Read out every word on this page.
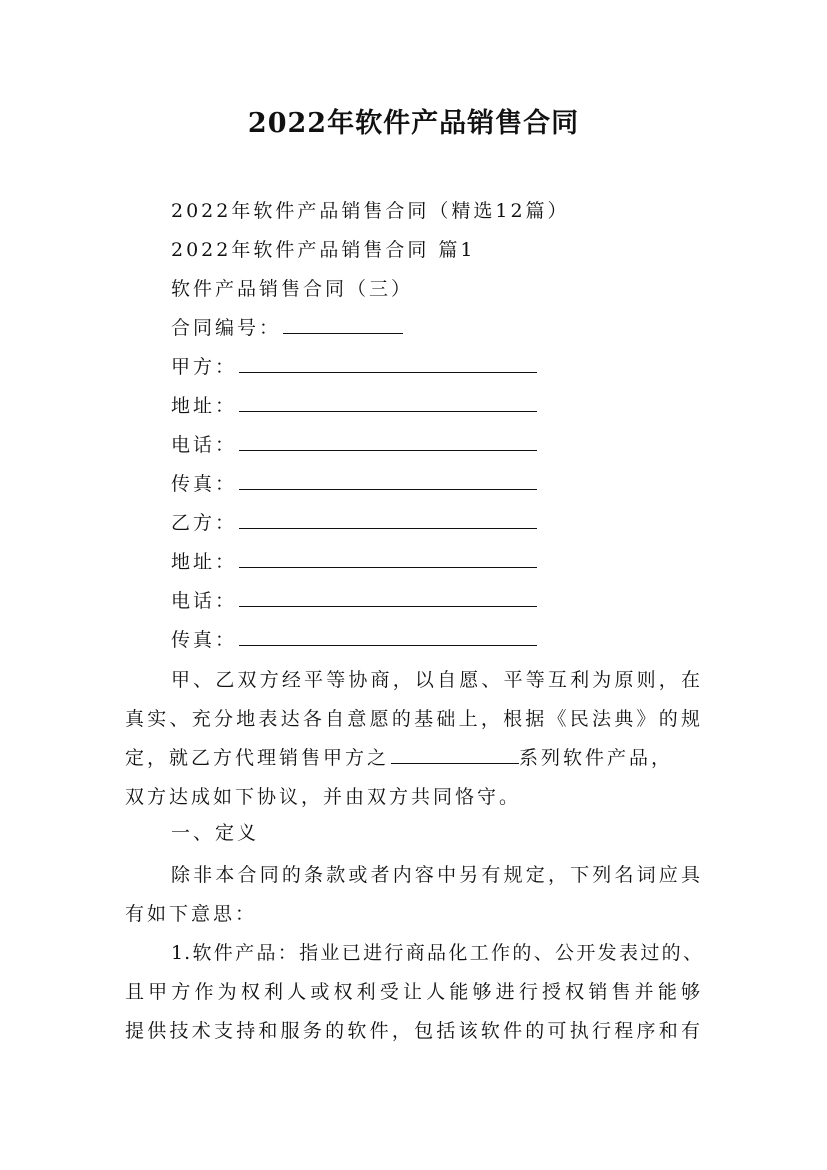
2022年软件产品销售合同
2022年软件产品销售合同（精选12篇）
2022年软件产品销售合同 篇1
软件产品销售合同（三）
合同编号：
甲方：
地址：
电话：
传真：
乙方：
地址：
电话：
传真：
甲、乙双方经平等协商，以自愿、平等互利为原则，在
真实、充分地表达各自意愿的基础上，根据《民法典》的规
定，就乙方代理销售甲方之	系列软件产品，
双方达成如下协议，并由双方共同恪守。
一、定义
除非本合同的条款或者内容中另有规定，下列名词应具
有如下意思：
1.软件产品：指业已进行商品化工作的、公开发表过的、
且甲方作为权利人或权利受让人能够进行授权销售并能够
提供技术支持和服务的软件，包括该软件的可执行程序和有
